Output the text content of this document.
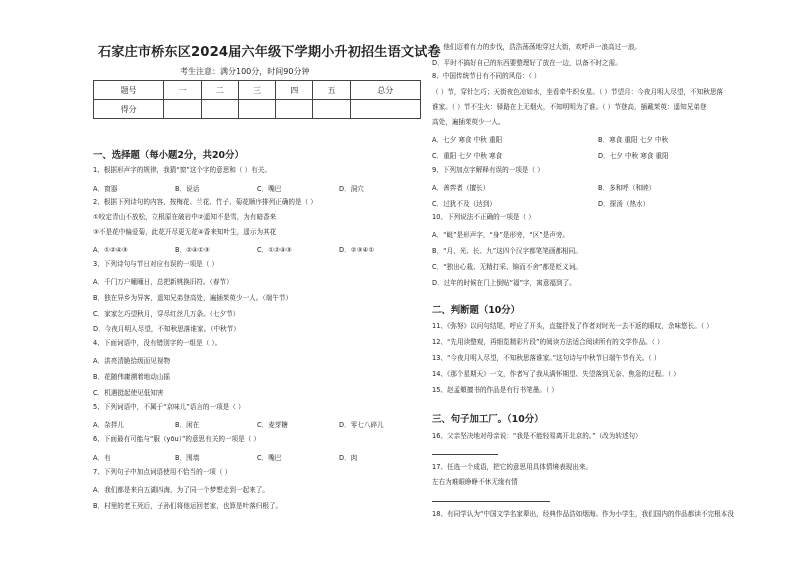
石家庄市桥东区2024届六年级下学期小升初招生语文试卷
考生注意：满分100分，时间90分钟
题号	一	二	三	四	五	总分
得分						
一、选择题（每小题2分，共20分）
1、根据形声字的规律，我猜“窗”这个字的意思和（ ）有关。
A．窗器	B．说话	C．嘴巴	D．洞穴
2、根据下列诗句的内容，按梅花、兰花、竹子、菊花顺序排列正确的是（ ）
①咬定青山不放松，立根原在破岩中②遥知不是雪，为有暗香来
③不是花中偏爱菊，此花开尽更无花④香来知叶生，遥示为其花
A．①②④③	B．②④①③	C．①②④③	D．②③④①
3、下列诗句与节日对应有误的一项是（ ）
A．千门万户曈曈日，总把新桃换旧符。（春节）
B．独在异乡为异客，遥知兄弟登高处，遍插茱萸少一人。（端午节）
C．家家乞巧望秋月，穿尽红丝几万条。（七夕节）
D．今夜月明人尽望，不知秋思落谁家。（中秋节）
4、下面词语中，没有错别字的一组是（ ）。
A．洪亮清脆拾级而见视物
B．花随伟庸溯着地动山摇
C．机遇挺起使见低知害
5、下列词语中，不属于“京味儿”语言的一项是（ ）
A．杂拌儿	B．闲在	C．麦芽糖	D．零七八碎儿
6、下面最有可能与“服（yōu）”的意思有关的一项是（ ）
A．有	B．围墙	C．嘴巴	D．肉
7、下列句子中加点词语使用不恰当的一项（ ）
A．我们都是来自五湖四海，为了同一个梦想走到一起来了。
B．村里的老王死后，子孙们将他运回老家，也算是叶落归根了。
C．他们迈着有力的步伐，浩浩荡荡地穿过大街，欢呼声一浪高过一浪。
D．平时不搞好自己的东西要整理好了放在一边，以备不时之需。
8、中国传统节日有不同的风俗：（ ）
（ ）节，穿针乞巧；天街夜色凉如水，坐看牵牛织女星。（ ）节望月：今夜月明人尽望，不知秋思落
谁家。（ ）节不生火：驿路在上无烟火，不知明明为了谁。（ ）节登高，插戴茱萸：遥知兄弟登
高处，遍插茱萸少一人。
A．七夕 寒食 中秋 重阳	B．寒食 重阳 七夕 中秋
C．重阳 七夕 中秋 寒食	D．七夕 中秋 寒食 重阳
9、下列加点字解释有误的一项是（ ）
A．善弈者（擅长）	B．多和呼（和睦）
C．过犹不及（达到）	D．探汤（热水）
10、下列说法不正确的一项是（ ）
A．“蜓”是形声字，“身”是形旁，“区”是声旁。
B．“月、光、长、九”这四个汉字都笔笔画都相同。
C．“独出心栽、无精打采、锦而不舍”都是贬义词。
D．过年的时候在门上倒贴“福”字，寓意福到了。
二、判断题（10分）
11、《弥努》以问句结尾，呼应了开头，直接抒发了作者对时光一去不返的眼叹，余味悠长。（ ）
12、“先用读整观，再细览精彩片段”的阅读方法适合阅读所有的文学作品。（ ）
13、“今夜月明人尽望，不知秋思落谁家。”这句诗与中秋节日端午节有关。（ ）
14、《那个星期天》一文，作者写了我从满怀期望、失望落到无奈、焦急的过程。（ ）
15、赵孟頫擅书的作品是有行书笔墨。（ ）
三、句子加工厂。（10分）
16、父亲坚决地对母亲说：“我是不能轻易离开北京的。”（改为转述句）
17、任选一个成语，把它的意思用具体情境表现出来。
左右为难眼睁睁不休无缘有情
18、有同学认为“中国文学名家辈出，经典作品浩如烟海。作为小学生，我们国内的作品都读不完根本没
